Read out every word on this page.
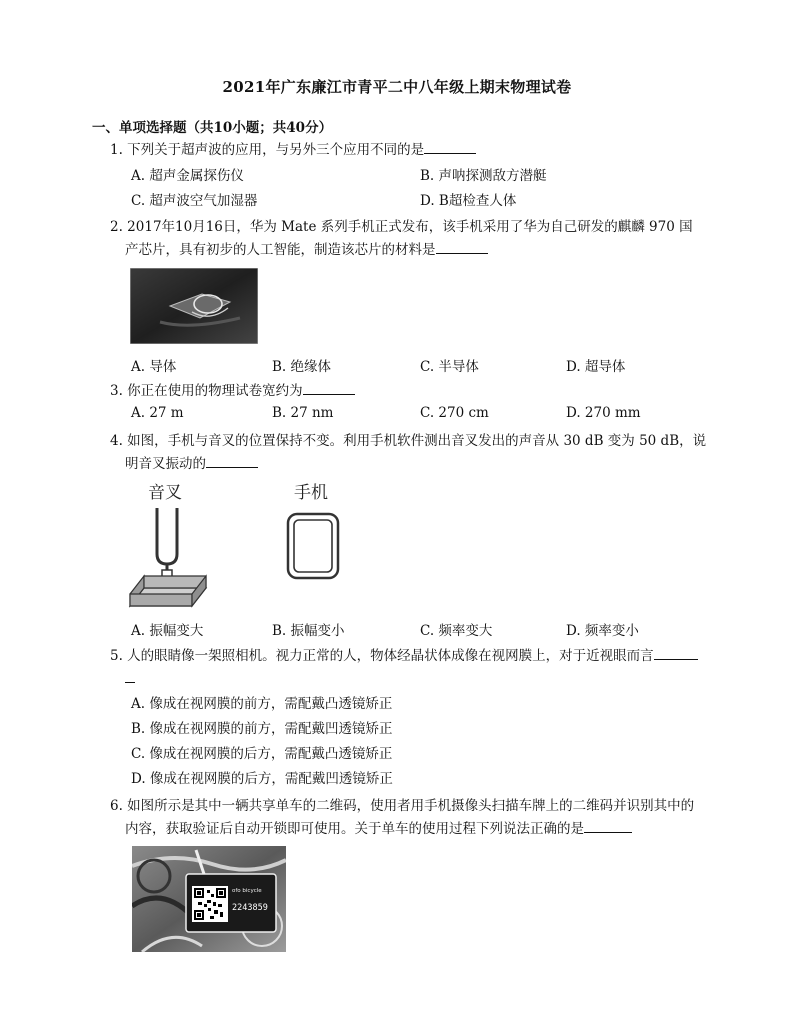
2021年广东廉江市青平二中八年级上期末物理试卷
一、单项选择题（共10小题；共40分）
1. 下列关于超声波的应用，与另外三个应用不同的是
A. 超声金属探伤仪	B. 声呐探测敌方潜艇
C. 超声波空气加湿器	D. B超检查人体
2. 2017年10月16日，华为 Mate 系列手机正式发布，该手机采用了华为自己研发的麒麟 970 国
产芯片，具有初步的人工智能，制造该芯片的材料是
A. 导体	B. 绝缘体	C. 半导体	D. 超导体
3. 你正在使用的物理试卷宽约为
A. 27 m	B. 27 nm	C. 270 cm	D. 270 mm
4. 如图，手机与音叉的位置保持不变。利用手机软件测出音叉发出的声音从 30 dB 变为 50 dB，说
明音叉振动的
音叉	手机
A. 振幅变大	B. 振幅变小	C. 频率变大	D. 频率变小
5. 人的眼睛像一架照相机。视力正常的人，物体经晶状体成像在视网膜上，对于近视眼而言
A. 像成在视网膜的前方，需配戴凸透镜矫正
B. 像成在视网膜的前方，需配戴凹透镜矫正
C. 像成在视网膜的后方，需配戴凸透镜矫正
D. 像成在视网膜的后方，需配戴凹透镜矫正
6. 如图所示是其中一辆共享单车的二维码，使用者用手机摄像头扫描车牌上的二维码并识别其中的
内容，获取验证后自动开锁即可使用。关于单车的使用过程下列说法正确的是
ofo bicycle
2243859
